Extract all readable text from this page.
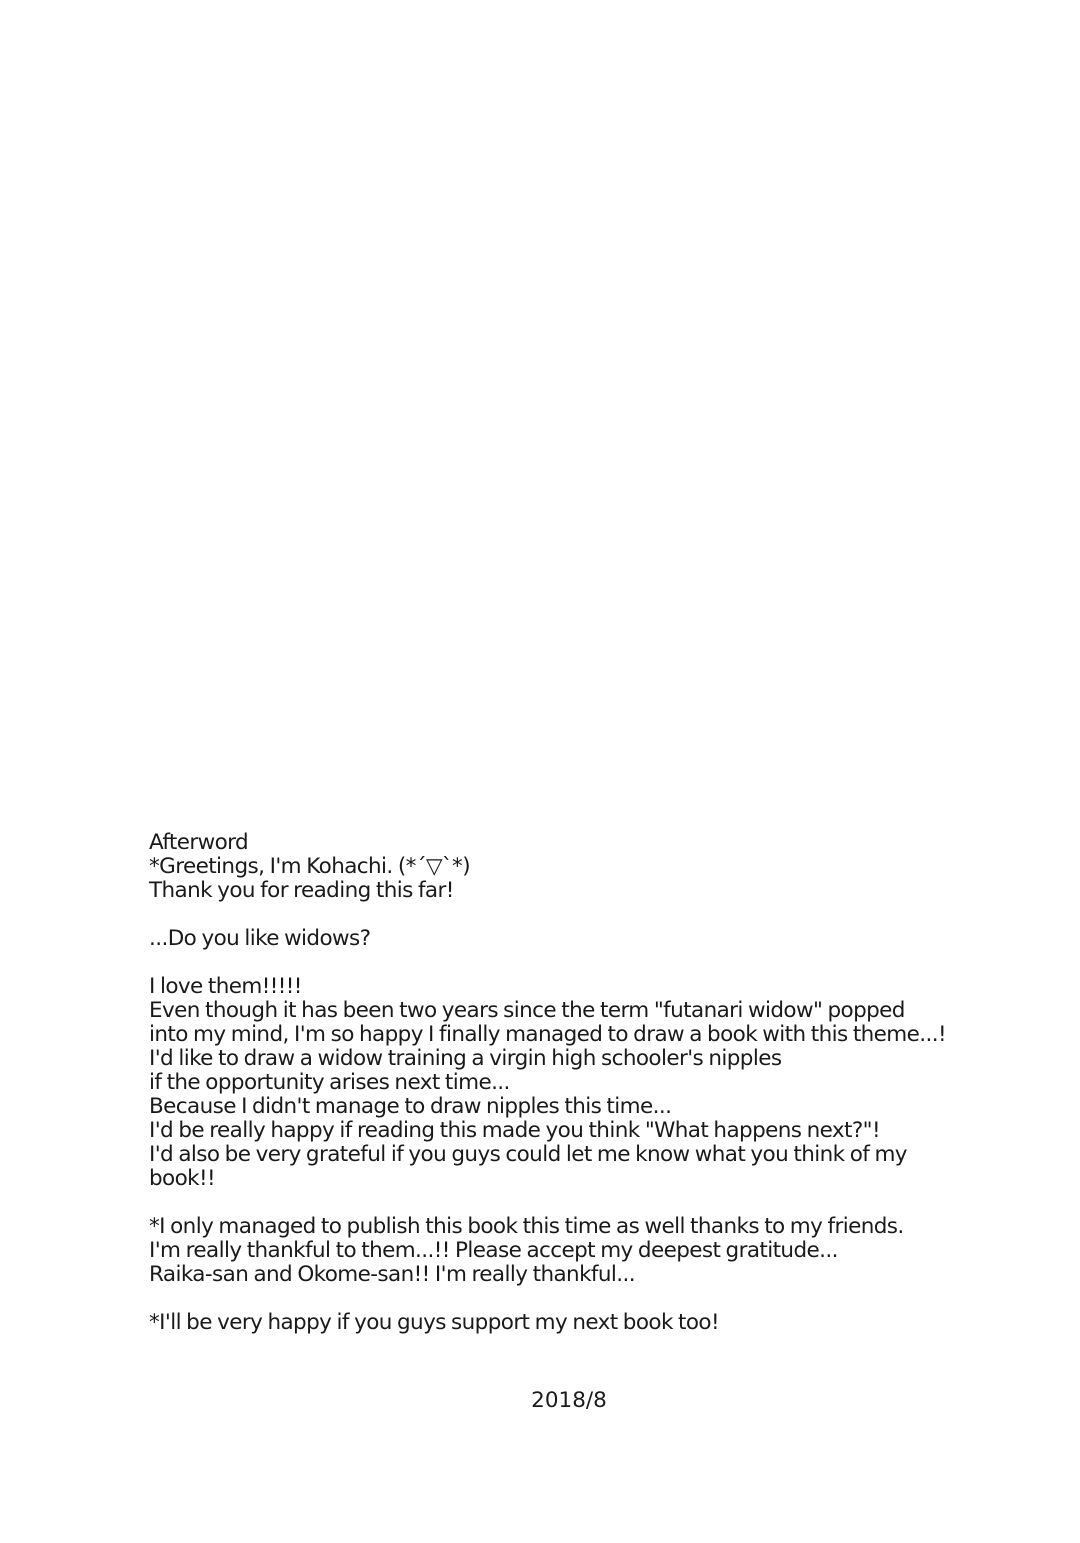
Afterword
*Greetings, I'm Kohachi. (*´▽`*)
Thank you for reading this far!
...Do you like widows?
I love them!!!!!
Even though it has been two years since the term "futanari widow" popped
into my mind, I'm so happy I finally managed to draw a book with this theme...!
I'd like to draw a widow training a virgin high schooler's nipples
if the opportunity arises next time...
Because I didn't manage to draw nipples this time...
I'd be really happy if reading this made you think "What happens next?"!
I'd also be very grateful if you guys could let me know what you think of my
book!!
*I only managed to publish this book this time as well thanks to my friends.
I'm really thankful to them...!! Please accept my deepest gratitude...
Raika-san and Okome-san!! I'm really thankful...
*I'll be very happy if you guys support my next book too!
2018/8
